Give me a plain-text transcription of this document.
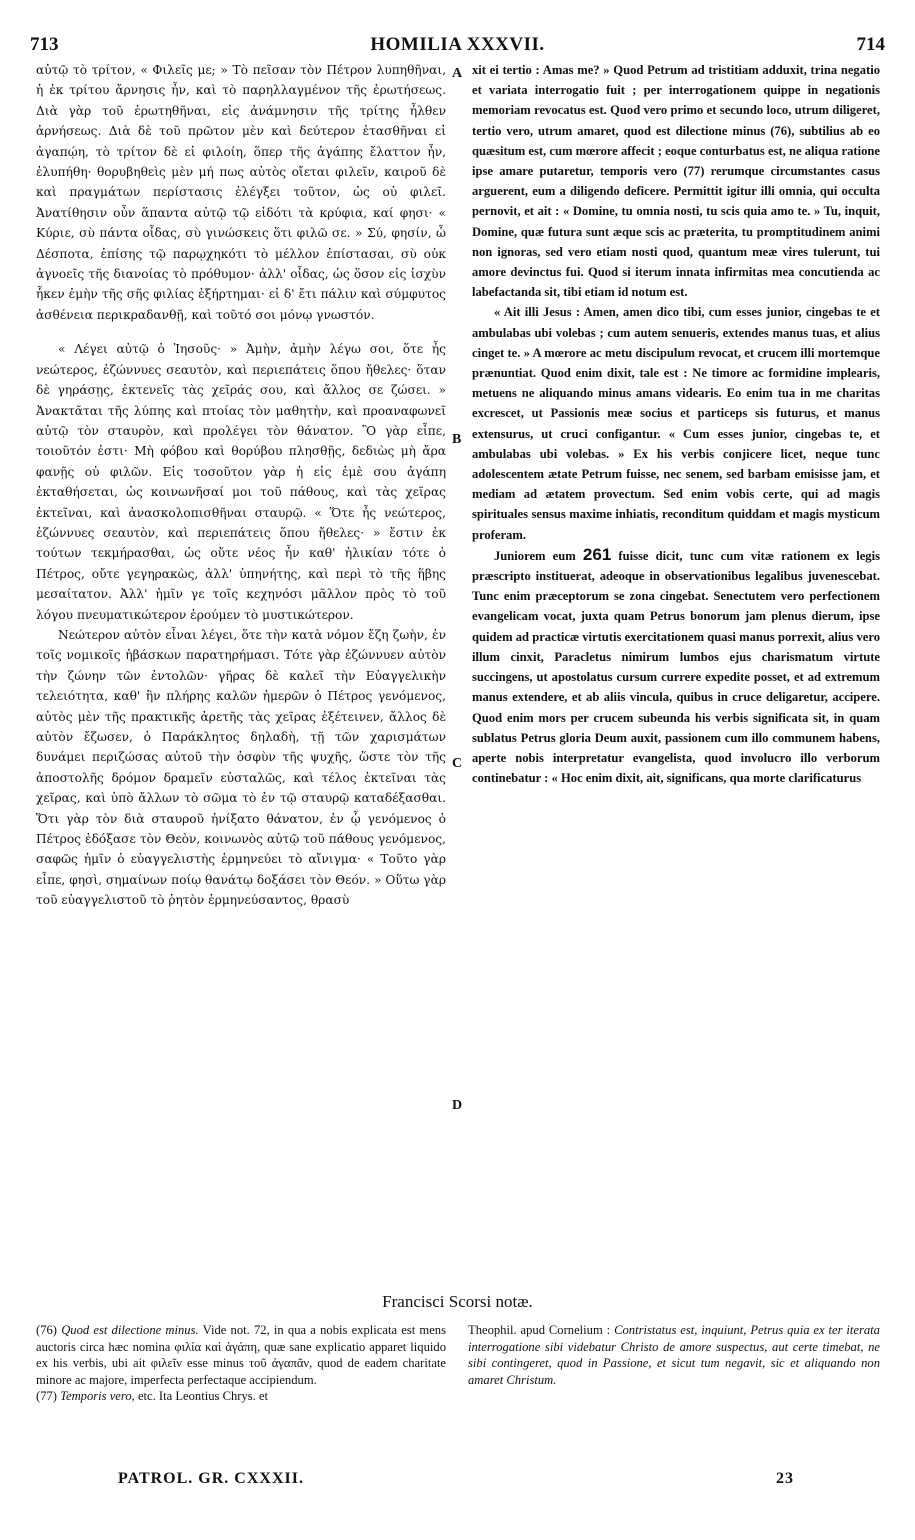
713	HOMILIA XXXVII.	714
A
B
C
D

αὐτῷ τὸ τρίτον, « Φιλεῖς με; » Τὸ πεῖσαν τὸν Πέτρον λυπηθῆναι, ἡ ἐκ τρίτου ἄρνησις ἦν, καὶ τὸ παρηλλαγμένον τῆς ἐρωτήσεως. Διὰ γὰρ τοῦ ἐρωτηθῆναι, εἰς ἀνάμνησιν τῆς τρίτης ἦλθεν ἀρνήσεως. Διὰ δὲ τοῦ πρῶτον μὲν καὶ δεύτερον ἐτασθῆναι εἰ ἀγαπῴη, τὸ τρίτον δὲ εἰ φιλοίη, ὅπερ τῆς ἀγάπης ἔλαττον ἦν, ἐλυπήθη· θορυβηθεὶς μὲν μή πως αὐτὸς οἴεται φιλεῖν, καιροῦ δὲ καὶ πραγμάτων περίστασις ἐλέγξει τοῦτον, ὡς οὐ φιλεῖ. Ἀνατίθησιν οὖν ἅπαντα αὐτῷ τῷ εἰδότι τὰ κρύφια, καί φησι· « Κύριε, σὺ πάντα οἶδας, σὺ γινώσκεις ὅτι φιλῶ σε. » Σύ, φησίν, ὦ Δέσποτα, ἐπίσης τῷ παρῳχηκότι τὸ μέλλον ἐπίστασαι, σὺ οὐκ ἀγνοεῖς τῆς διανοίας τὸ πρόθυμον· ἀλλ' οἶδας, ὡς ὅσον εἰς ἰσχὺν ἧκεν ἐμὴν τῆς σῆς φιλίας ἐξήρτημαι· εἰ δ' ἔτι πάλιν καὶ σύμφυτος ἀσθένεια περικραδανθῇ, καὶ τοῦτό σοι μόνῳ γνωστόν.

« Λέγει αὐτῷ ὁ Ἰησοῦς· » Ἀμὴν, ἀμὴν λέγω σοι, ὅτε ἦς νεώτερος, ἐζώννυες σεαυτὸν, καὶ περιεπάτεις ὅπου ἤθελες· ὅταν δὲ γηράσῃς, ἐκτενεῖς τὰς χεῖράς σου, καὶ ἄλλος σε ζώσει. » Ἀνακτᾶται τῆς λύπης καὶ πτοίας τὸν μαθητὴν, καὶ προαναφωνεῖ αὐτῷ τὸν σταυρὸν, καὶ προλέγει τὸν θάνατον. Ὃ γὰρ εἶπε, τοιοῦτόν ἐστι· Μὴ φόβου καὶ θορύβου πλησθῇς, δεδιὼς μὴ ἄρα φανῇς οὐ φιλῶν. Εἰς τοσοῦτον γὰρ ἡ εἰς ἐμὲ σου ἀγάπη ἐκταθήσεται, ὡς κοινωνῆσαί μοι τοῦ πάθους, καὶ τὰς χεῖρας ἐκτεῖναι, καὶ ἀνασκολοπισθῆναι σταυρῷ. « Ὅτε ἦς νεώτερος, ἐζώννυες σεαυτὸν, καὶ περιεπάτεις ὅπου ἤθελες· » ἔστιν ἐκ τούτων τεκμήρασθαι, ὡς οὔτε νέος ἦν καθ' ἡλικίαν τότε ὁ Πέτρος, οὔτε γεγηρακὼς, ἀλλ' ὑπηνήτης, καὶ περὶ τὸ τῆς ἥβης μεσαίτατον. Ἀλλ' ἡμῖν γε τοῖς κεχηνόσι μᾶλλον πρὸς τὸ τοῦ λόγου πνευματικώτερον ἐρούμεν τὸ μυστικώτερον.

Νεώτερον αὐτὸν εἶναι λέγει, ὅτε τὴν κατὰ νόμον ἔζη ζωὴν, ἐν τοῖς νομικοῖς ἡβάσκων παρατηρήμασι. Τότε γὰρ ἐζώννυεν αὐτὸν τὴν ζώνην τῶν ἐντολῶν· γῆρας δὲ καλεῖ τὴν Εὐαγγελικὴν τελειότητα, καθ' ἣν πλήρης καλῶν ἡμερῶν ὁ Πέτρος γενόμενος, αὐτὸς μὲν τῆς πρακτικῆς ἀρετῆς τὰς χεῖρας ἐξέτεινεν, ἄλλος δὲ αὐτὸν ἔζωσεν, ὁ Παράκλητος δηλαδὴ, τῇ τῶν χαρισμάτων δυνάμει περιζώσας αὐτοῦ τὴν ὀσφὺν τῆς ψυχῆς, ὥστε τὸν τῆς ἀποστολῆς δρόμον δραμεῖν εὐσταλῶς, καὶ τέλος ἐκτεῖναι τὰς χεῖρας, καὶ ὑπὸ ἄλλων τὸ σῶμα τὸ ἐν τῷ σταυρῷ καταδέξασθαι. Ὅτι γὰρ τὸν διὰ σταυροῦ ἠνίξατο θάνατον, ἐν ᾧ γενόμενος ὁ Πέτρος ἐδόξασε τὸν Θεὸν, κοινωνὸς αὐτῷ τοῦ πάθους γενόμενος, σαφῶς ἡμῖν ὁ εὐαγγελιστὴς ἑρμηνεύει τὸ αἴνιγμα· « Τοῦτο γὰρ εἶπε, φησὶ, σημαίνων ποίῳ θανάτῳ δοξάσει τὸν Θεόν. » Οὕτω γὰρ τοῦ εὐαγγελιστοῦ τὸ ῥητὸν ἑρμηνεύσαντος, θρασὺ

xit ei tertio : Amas me? » Quod Petrum ad tristitiam adduxit, trina negatio et variata interrogatio fuit ; per interrogationem quippe in negationis memoriam revocatus est. Quod vero primo et secundo loco, utrum diligeret, tertio vero, utrum amaret, quod est dilectione minus (76), subtilius ab eo quæsitum est, cum mœrore affecit ; eoque conturbatus est, ne aliqua ratione ipse amare putaretur, temporis vero (77) rerumque circumstantes casus arguerent, eum a diligendo deficere. Permittit igitur illi omnia, qui occulta pernovit, et ait : « Domine, tu omnia nosti, tu scis quia amo te. » Tu, inquit, Domine, quæ futura sunt æque scis ac præterita, tu promptitudinem animi non ignoras, sed vero etiam nosti quod, quantum meæ vires tulerunt, tui amore devinctus fui. Quod si iterum innata infirmitas mea concutienda ac labefactanda sit, tibi etiam id notum est.

« Ait illi Jesus : Amen, amen dico tibi, cum esses junior, cingebas te et ambulabas ubi volebas ; cum autem senueris, extendes manus tuas, et alius cinget te. » A mœrore ac metu discipulum revocat, et crucem illi mortemque prænuntiat. Quod enim dixit, tale est : Ne timore ac formidine implearis, metuens ne aliquando minus amans videaris. Eo enim tua in me charitas excrescet, ut Passionis meæ socius et particeps sis futurus, et manus extensurus, ut cruci configantur. « Cum esses junior, cingebas te, et ambulabas ubi volebas. » Ex his verbis conjicere licet, neque tunc adolescentem ætate Petrum fuisse, nec senem, sed barbam emisisse jam, et mediam ad ætatem provectum. Sed enim vobis certe, qui ad magis spirituales sensus maxime inhiatis, reconditum quiddam et magis mysticum proferam.

Juniorem eum 261 fuisse dicit, tunc cum vitæ rationem ex legis præscripto instituerat, adeoque in observationibus legalibus juvenescebat. Tunc enim præceptorum se zona cingebat. Senectutem vero perfectionem evangelicam vocat, juxta quam Petrus bonorum jam plenus dierum, ipse quidem ad practicæ virtutis exercitationem quasi manus porrexit, alius vero illum cinxit, Paracletus nimirum lumbos ejus charismatum virtute succingens, ut apostolatus cursum currere expedite posset, et ad extremum manus extendere, et ab aliis vincula, quibus in cruce deligaretur, accipere. Quod enim mors per crucem subeunda his verbis significata sit, in quam sublatus Petrus gloria Deum auxit, passionem cum illo communem habens, aperte nobis interpretatur evangelista, quod involucro illo verborum continebatur : « Hoc enim dixit, ait, significans, qua morte clarificaturus

Francisci Scorsi notæ.

(76) Quod est dilectione minus. Vide not. 72, in qua a nobis explicata est mens auctoris circa hæc nomina φιλία καὶ ἀγάπη, quæ sane explicatio apparet liquido ex his verbis, ubi ait φιλεῖν esse minus τοῦ ἀγαπᾶν, quod de eadem charitate minore ac majore, imperfecta perfectaque accipiendum.

(77) Temporis vero, etc. Ita Leontius Chrys. et

Theophil. apud Cornelium : Contristatus est, inquiunt, Petrus quia ex ter iterata interrogatione sibi videbatur Christo de amore suspectus, aut certe timebat, ne sibi contingeret, quod in Passione, et sicut tum negavit, sic et aliquando non amaret Christum.

PATROL. GR. CXXXII.	23
